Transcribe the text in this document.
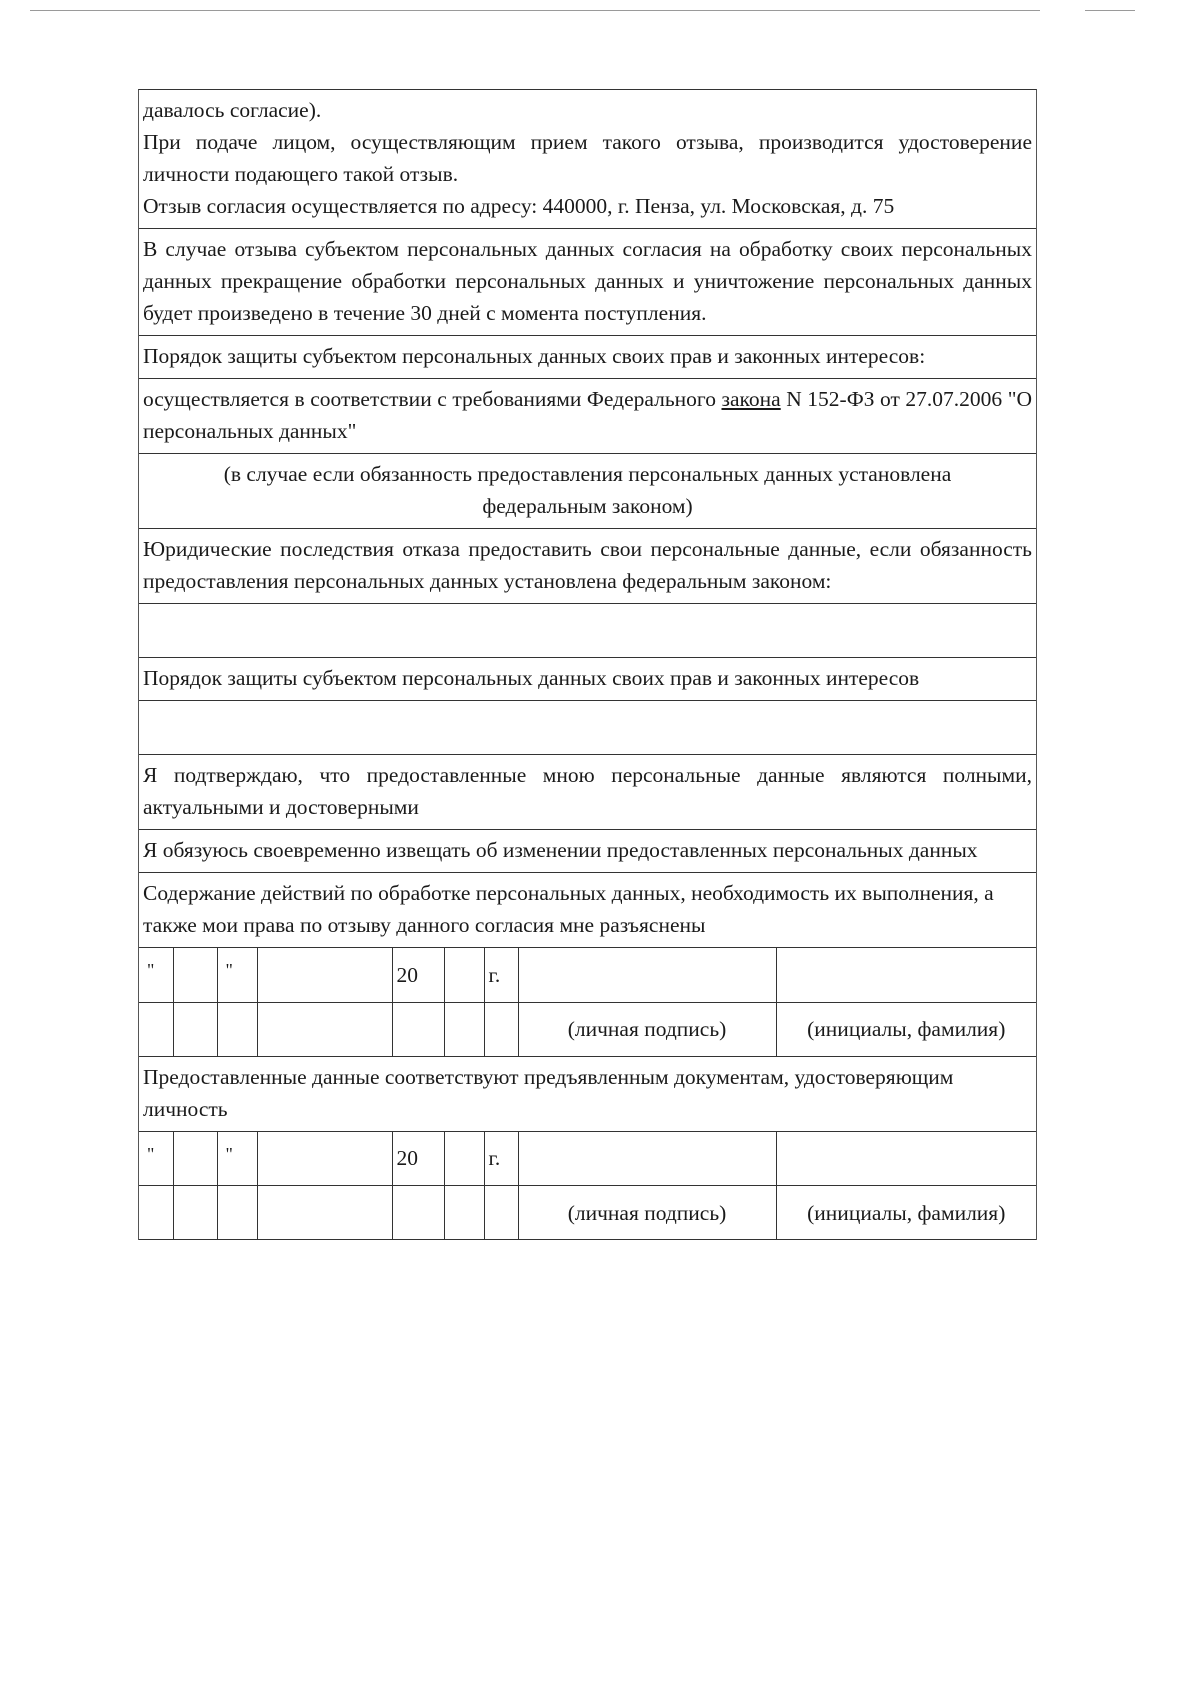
давалось согласие).

При подаче лицом, осуществляющим прием такого отзыва, производится удостоверение личности подающего такой отзыв.

Отзыв согласия осуществляется по адресу: 440000, г. Пенза, ул. Московская, д. 75

В случае отзыва субъектом персональных данных согласия на обработку своих персональных данных прекращение обработки персональных данных и уничтожение персональных данных будет произведено в течение 30 дней с момента поступления.

Порядок защиты субъектом персональных данных своих прав и законных интересов:

осуществляется в соответствии с требованиями Федерального закона N 152-ФЗ от 27.07.2006 "О персональных данных"

(в случае если обязанность предоставления персональных данных установлена федеральным законом)

Юридические последствия отказа предоставить свои персональные данные, если обязанность предоставления персональных данных установлена федеральным законом:

Порядок защиты субъектом персональных данных своих прав и законных интересов

Я подтверждаю, что предоставленные мною персональные данные являются полными, актуальными и достоверными

Я обязуюсь своевременно извещать об изменении предоставленных персональных данных

Содержание действий по обработке персональных данных, необходимость их выполнения, а также мои права по отзыву данного согласия мне разъяснены

"		"		20		г.		
							(личная подпись)	(инициалы, фамилия)

Предоставленные данные соответствуют предъявленным документам, удостоверяющим личность

"		"		20		г.		
							(личная подпись)	(инициалы, фамилия)
